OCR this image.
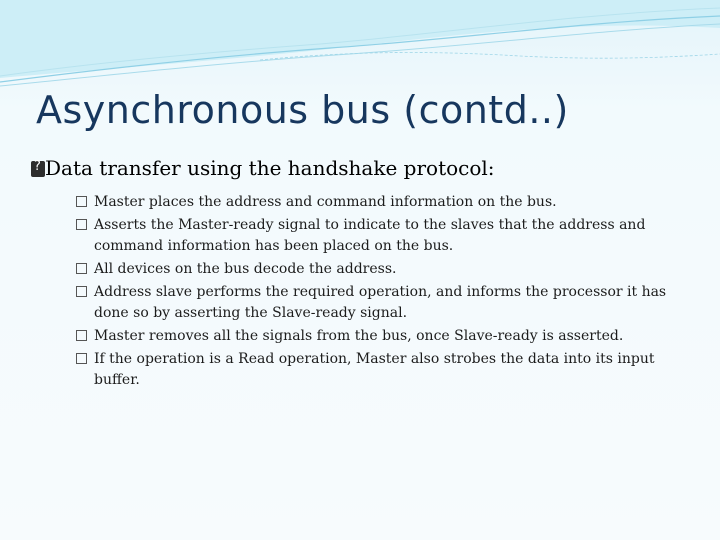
Asynchronous bus (contd..)
?Data transfer using the handshake protocol:
Master places the address and command information on the bus.
Asserts the Master-ready signal to indicate to the slaves that the address and command information has been placed on the bus.
All devices on the bus decode the address.
Address slave performs the required operation, and informs the processor it has done so by asserting the Slave-ready signal.
Master removes all the signals from the bus, once Slave-ready is asserted.
If the operation is a Read operation, Master also strobes the data into its input buffer.
